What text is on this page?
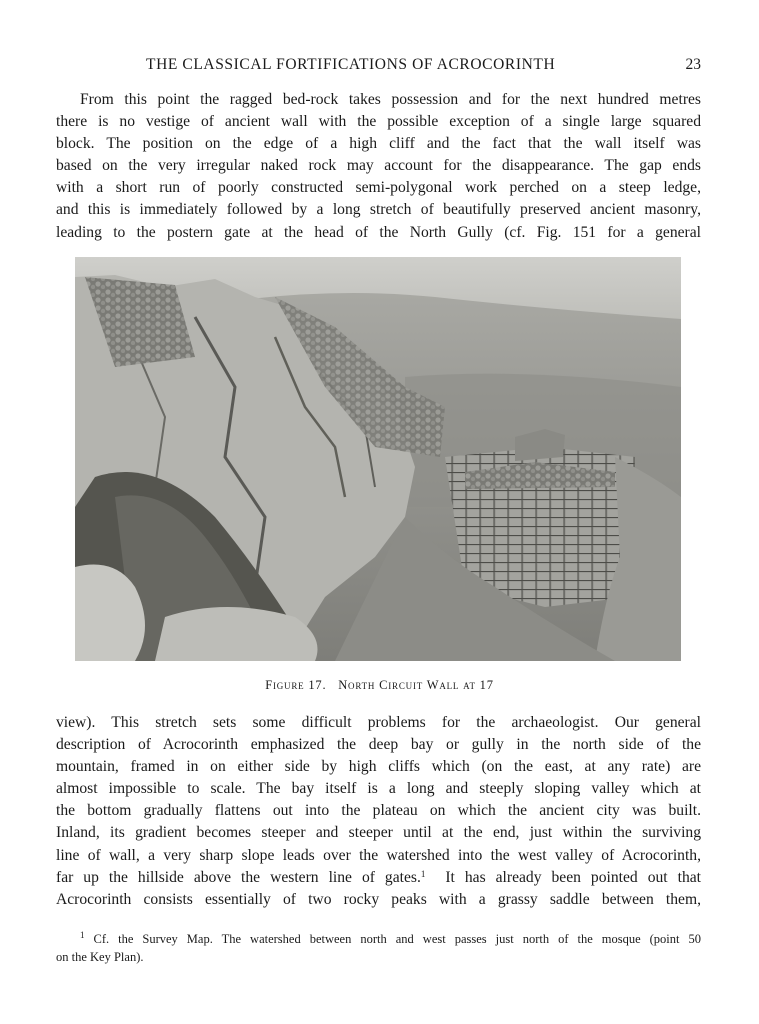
THE CLASSICAL FORTIFICATIONS OF ACROCORINTH	23
From this point the ragged bed-rock takes possession and for the next hundred metres
there is no vestige of ancient wall with the possible exception of a single large squared
block. The position on the edge of a high cliff and the fact that the wall itself was
based on the very irregular naked rock may account for the disappearance. The gap ends
with a short run of poorly constructed semi-polygonal work perched on a steep ledge,
and this is immediately followed by a long stretch of beautifully preserved ancient masonry,
leading to the postern gate at the head of the North Gully (cf. Fig. 151 for a general
Figure 17. North Circuit Wall at 17
view). This stretch sets some difficult problems for the archaeologist. Our general
description of Acrocorinth emphasized the deep bay or gully in the north side of the
mountain, framed in on either side by high cliffs which (on the east, at any rate) are
almost impossible to scale. The bay itself is a long and steeply sloping valley which at
the bottom gradually flattens out into the plateau on which the ancient city was built.
Inland, its gradient becomes steeper and steeper until at the end, just within the surviving
line of wall, a very sharp slope leads over the watershed into the west valley of Acrocorinth,
far up the hillside above the western line of gates.$^1$ It has already been pointed out that
Acrocorinth consists essentially of two rocky peaks with a grassy saddle between them,
$^1$ Cf. the Survey Map. The watershed between north and west passes just north of the mosque (point 50
on the Key Plan).
